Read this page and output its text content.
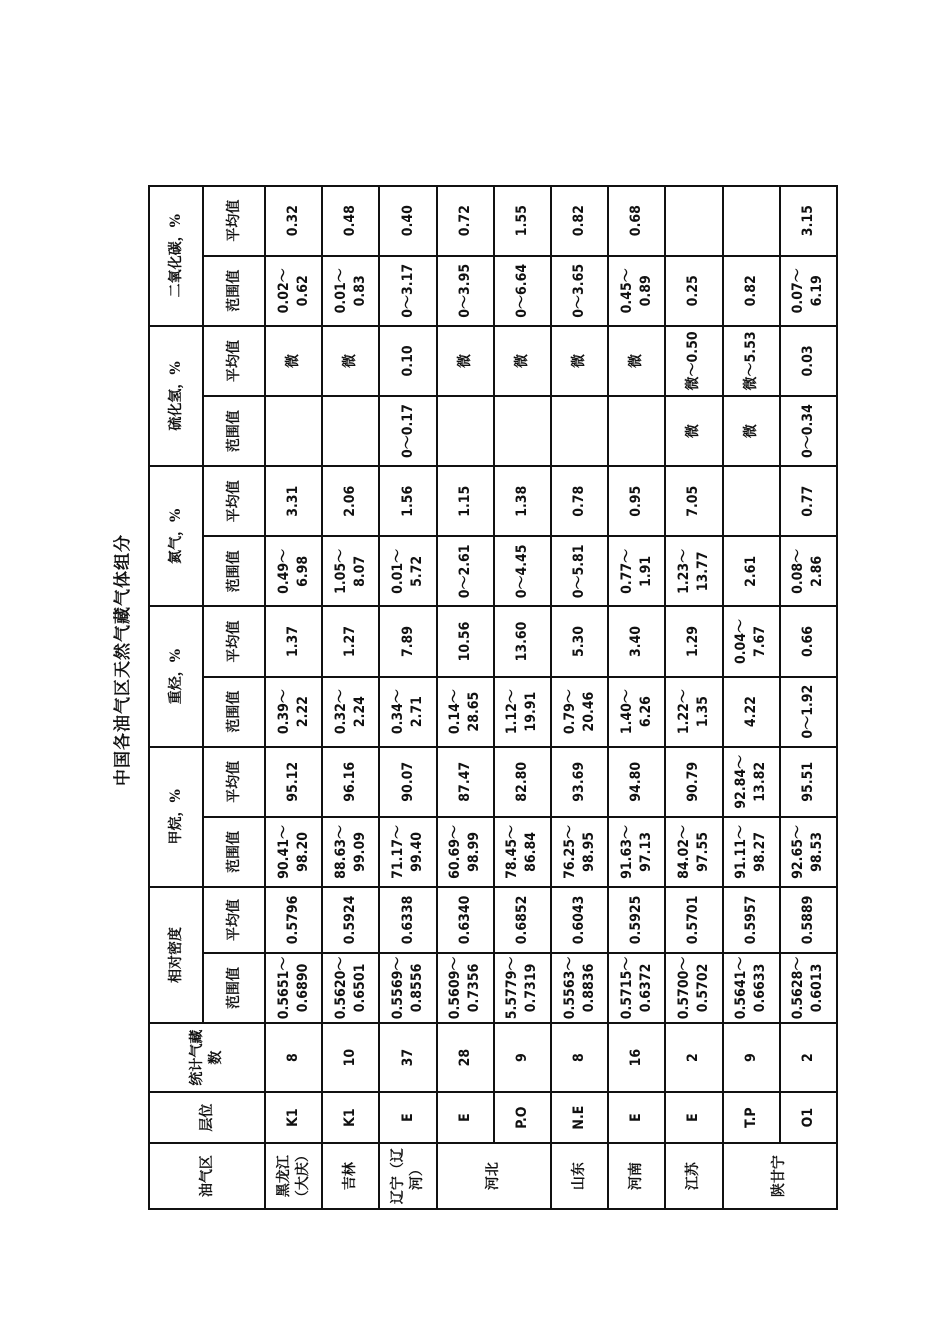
中国各油气区天然气藏气体组分
油气区	层位	统计气藏数	相对密度		甲烷，%		重烃，%		氮气，%		硫化氢，%		二氧化碳，%
			范围值	平均值	范围值	平均值	范围值	平均值	范围值	平均值	范围值	平均值	范围值	平均值
黑龙江（大庆）	K1	8	0.5651～0.6890	0.5796	90.41～98.20	95.12	0.39～2.22	1.37	0.49～6.98	3.31		微	0.02～0.62	0.32
吉林	K1	10	0.5620～0.6501	0.5924	88.63～99.09	96.16	0.32～2.24	1.27	1.05～8.07	2.06		微	0.01～0.83	0.48
辽宁（辽河）	E	37	0.5569～0.8556	0.6338	71.17～99.40	90.07	0.34～2.71	7.89	0.01～5.72	1.56	0～0.17	0.10	0～3.17	0.40
河北	E	28	0.5609～0.7356	0.6340	60.69～98.99	87.47	0.14～28.65	10.56	0～2.61	1.15		微	0～3.95	0.72
	P.O	9	5.5779～0.7319	0.6852	78.45～86.84	82.80	1.12～19.91	13.60	0～4.45	1.38		微	0～6.64	1.55
山东	N.E	8	0.5563～0.8836	0.6043	76.25～98.95	93.69	0.79～20.46	5.30	0～5.81	0.78		微	0～3.65	0.82
河南	E	16	0.5715～0.6372	0.5925	91.63～97.13	94.80	1.40～6.26	3.40	0.77～1.91	0.95		微	0.45～0.89	0.68
江苏	E	2	0.5700～0.5702	0.5701	84.02～97.55	90.79	1.22～1.35	1.29	1.23～13.77	7.05	微	微～0.50	0.25	
陕甘宁	T.P	9	0.5641～0.6633	0.5957	91.11～98.27	92.84～13.82	4.22	0.04～7.67	2.61		微	微～5.53	0.82	
	O1	2	0.5628～0.6013	0.5889	92.65～98.53	95.51	0～1.92	0.66	0.08～2.86	0.77	0～0.34	0.03	0.07～6.19	3.15
